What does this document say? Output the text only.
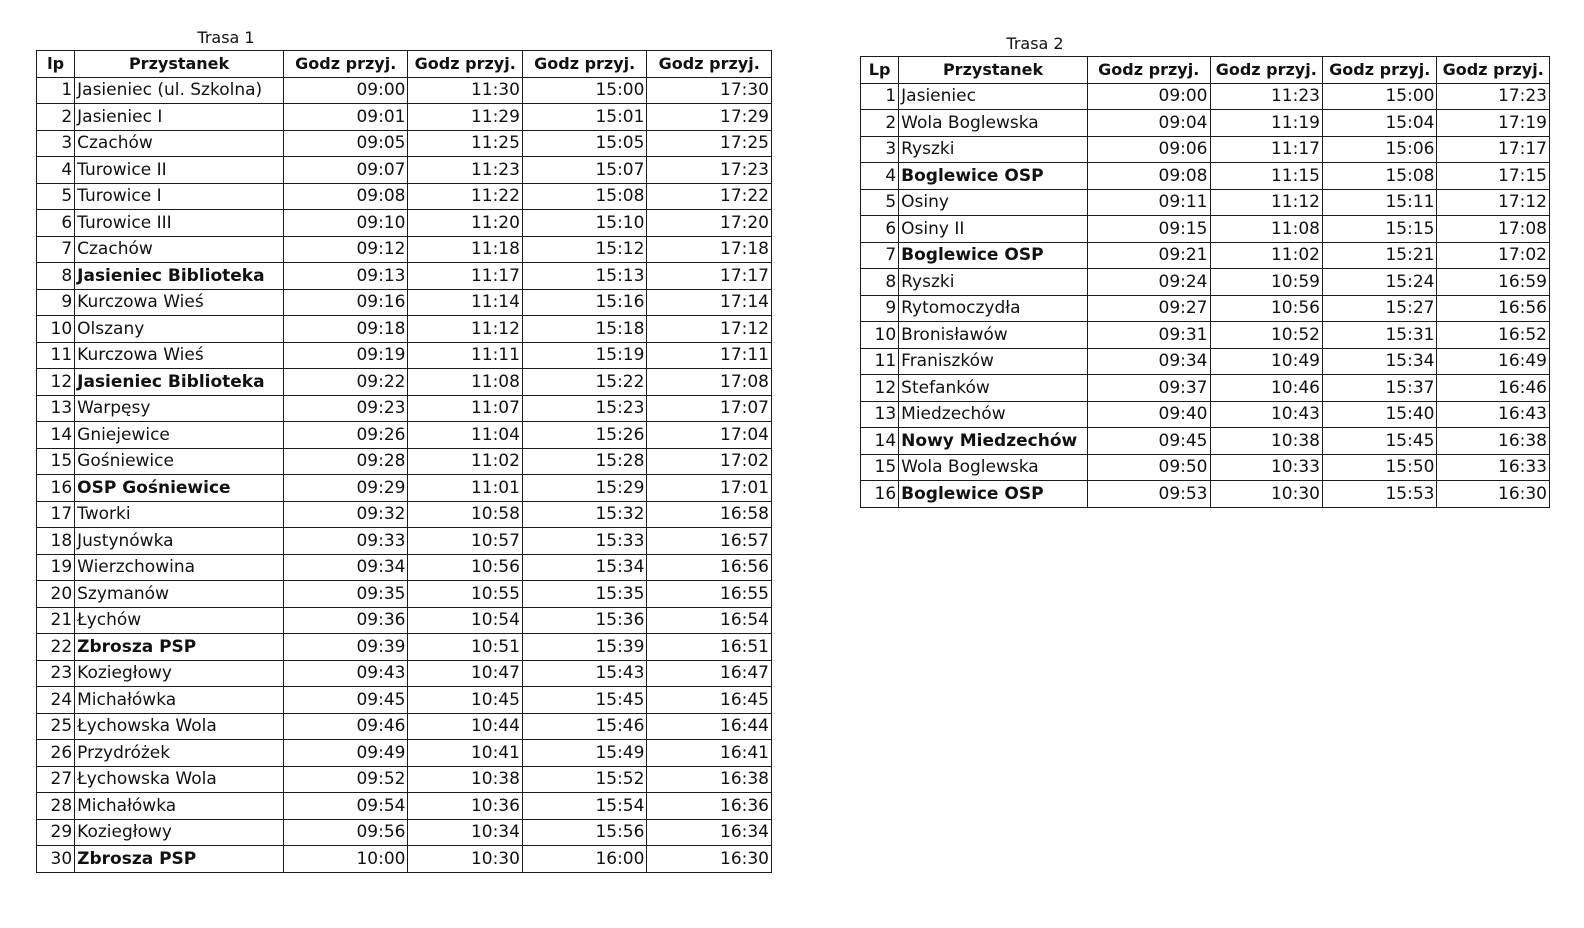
Trasa 1
lp	Przystanek	Godz przyj.	Godz przyj.	Godz przyj.	Godz przyj.
1	Jasieniec (ul. Szkolna)	09:00	11:30	15:00	17:30
2	Jasieniec I	09:01	11:29	15:01	17:29
3	Czachów	09:05	11:25	15:05	17:25
4	Turowice II	09:07	11:23	15:07	17:23
5	Turowice I	09:08	11:22	15:08	17:22
6	Turowice III	09:10	11:20	15:10	17:20
7	Czachów	09:12	11:18	15:12	17:18
8	Jasieniec Biblioteka	09:13	11:17	15:13	17:17
9	Kurczowa Wieś	09:16	11:14	15:16	17:14
10	Olszany	09:18	11:12	15:18	17:12
11	Kurczowa Wieś	09:19	11:11	15:19	17:11
12	Jasieniec Biblioteka	09:22	11:08	15:22	17:08
13	Warpęsy	09:23	11:07	15:23	17:07
14	Gniejewice	09:26	11:04	15:26	17:04
15	Gośniewice	09:28	11:02	15:28	17:02
16	OSP Gośniewice	09:29	11:01	15:29	17:01
17	Tworki	09:32	10:58	15:32	16:58
18	Justynówka	09:33	10:57	15:33	16:57
19	Wierzchowina	09:34	10:56	15:34	16:56
20	Szymanów	09:35	10:55	15:35	16:55
21	Łychów	09:36	10:54	15:36	16:54
22	Zbrosza PSP	09:39	10:51	15:39	16:51
23	Koziegłowy	09:43	10:47	15:43	16:47
24	Michałówka	09:45	10:45	15:45	16:45
25	Łychowska Wola	09:46	10:44	15:46	16:44
26	Przydróżek	09:49	10:41	15:49	16:41
27	Łychowska Wola	09:52	10:38	15:52	16:38
28	Michałówka	09:54	10:36	15:54	16:36
29	Koziegłowy	09:56	10:34	15:56	16:34
30	Zbrosza PSP	10:00	10:30	16:00	16:30
Trasa 2
Lp	Przystanek	Godz przyj.	Godz przyj.	Godz przyj.	Godz przyj.
1	Jasieniec	09:00	11:23	15:00	17:23
2	Wola Boglewska	09:04	11:19	15:04	17:19
3	Ryszki	09:06	11:17	15:06	17:17
4	Boglewice OSP	09:08	11:15	15:08	17:15
5	Osiny	09:11	11:12	15:11	17:12
6	Osiny II	09:15	11:08	15:15	17:08
7	Boglewice OSP	09:21	11:02	15:21	17:02
8	Ryszki	09:24	10:59	15:24	16:59
9	Rytomoczydła	09:27	10:56	15:27	16:56
10	Bronisławów	09:31	10:52	15:31	16:52
11	Franiszków	09:34	10:49	15:34	16:49
12	Stefanków	09:37	10:46	15:37	16:46
13	Miedzechów	09:40	10:43	15:40	16:43
14	Nowy Miedzechów	09:45	10:38	15:45	16:38
15	Wola Boglewska	09:50	10:33	15:50	16:33
16	Boglewice OSP	09:53	10:30	15:53	16:30
